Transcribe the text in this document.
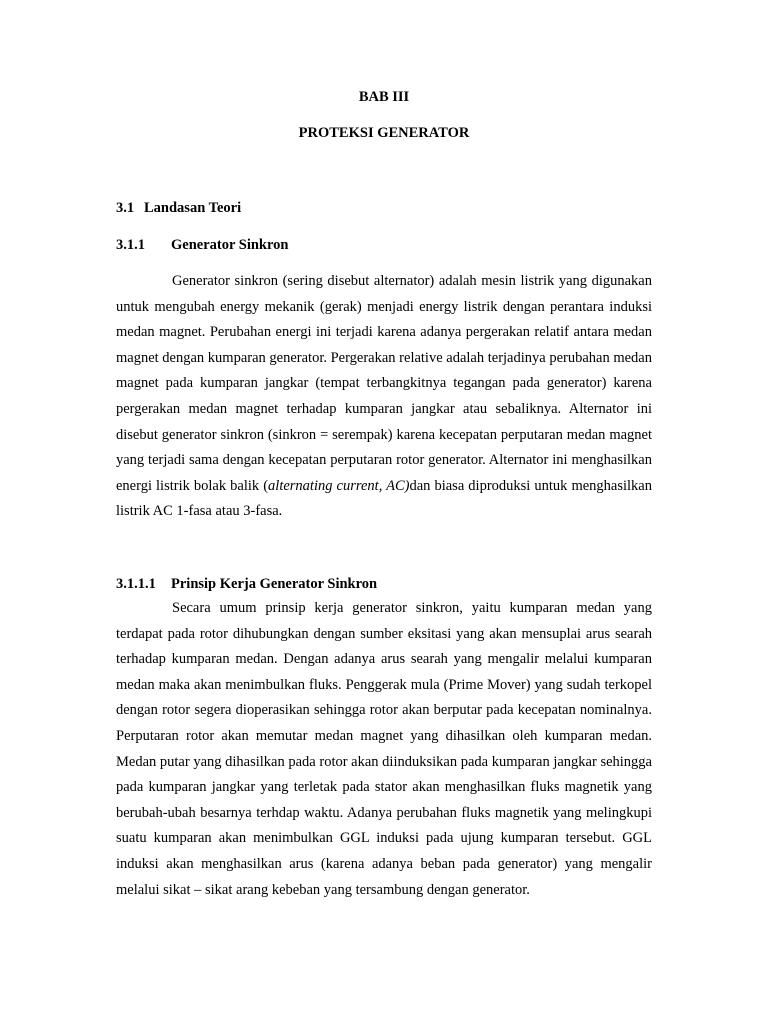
BAB III

PROTEKSI GENERATOR

3.1 Landasan Teori

3.1.1 Generator Sinkron

Generator sinkron (sering disebut alternator) adalah mesin listrik yang digunakan untuk mengubah energy mekanik (gerak) menjadi energy listrik dengan perantara induksi medan magnet. Perubahan energi ini terjadi karena adanya pergerakan relatif antara medan magnet dengan kumparan generator. Pergerakan relative adalah terjadinya perubahan medan magnet pada kumparan jangkar (tempat terbangkitnya tegangan pada generator) karena pergerakan medan magnet terhadap kumparan jangkar atau sebaliknya. Alternator ini disebut generator sinkron (sinkron = serempak) karena kecepatan perputaran medan magnet yang terjadi sama dengan kecepatan perputaran rotor generator. Alternator ini menghasilkan energi listrik bolak balik (alternating current, AC)dan biasa diproduksi untuk menghasilkan listrik AC 1-fasa atau 3-fasa.

3.1.1.1 Prinsip Kerja Generator Sinkron

Secara umum prinsip kerja generator sinkron, yaitu kumparan medan yang terdapat pada rotor dihubungkan dengan sumber eksitasi yang akan mensuplai arus searah terhadap kumparan medan. Dengan adanya arus searah yang mengalir melalui kumparan medan maka akan menimbulkan fluks. Penggerak mula (Prime Mover) yang sudah terkopel dengan rotor segera dioperasikan sehingga rotor akan berputar pada kecepatan nominalnya. Perputaran rotor akan memutar medan magnet yang dihasilkan oleh kumparan medan. Medan putar yang dihasilkan pada rotor akan diinduksikan pada kumparan jangkar sehingga pada kumparan jangkar yang terletak pada stator akan menghasilkan fluks magnetik yang berubah-ubah besarnya terhdap waktu. Adanya perubahan fluks magnetik yang melingkupi suatu kumparan akan menimbulkan GGL induksi pada ujung kumparan tersebut. GGL induksi akan menghasilkan arus (karena adanya beban pada generator) yang mengalir melalui sikat – sikat arang kebeban yang tersambung dengan generator.
